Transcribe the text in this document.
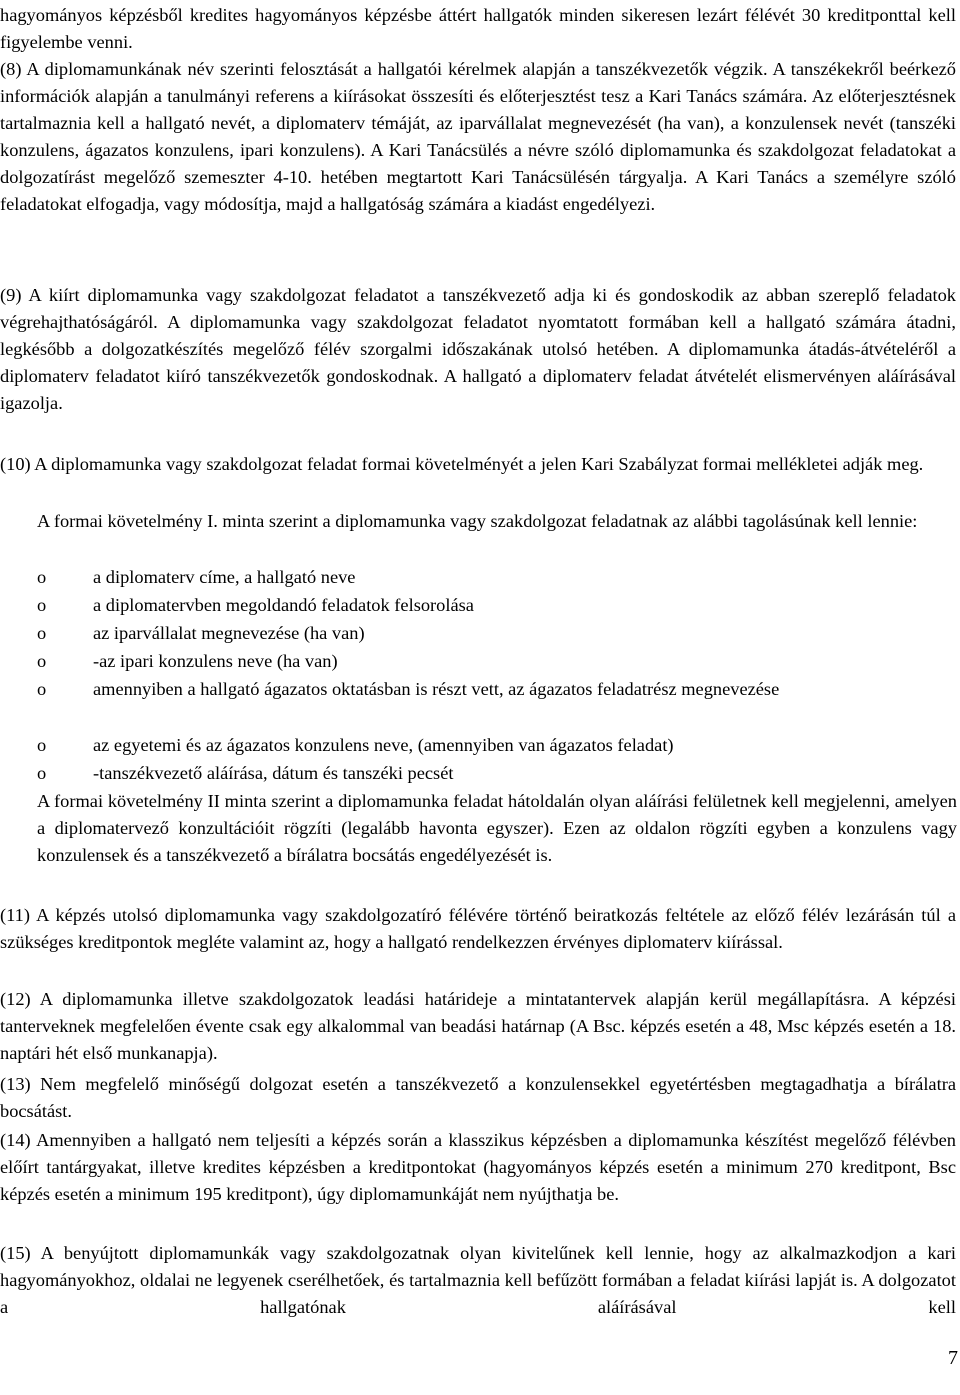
hagyományos képzésből kredites hagyományos képzésbe áttért hallgatók minden sikeresen lezárt félévét 30 kreditponttal kell figyelembe venni.
(8) A diplomamunkának név szerinti felosztását a hallgatói kérelmek alapján a tanszékvezetők végzik. A tanszékekről beérkező információk alapján a tanulmányi referens a kiírásokat összesíti és előterjesztést tesz a Kari Tanács számára. Az előterjesztésnek tartalmaznia kell a hallgató nevét, a diplomaterv témáját, az iparvállalat megnevezését (ha van), a konzulensek nevét (tanszéki konzulens, ágazatos konzulens, ipari konzulens). A Kari Tanácsülés a névre szóló diplomamunka és szakdolgozat feladatokat a dolgozatírást megelőző szemeszter 4-10. hetében megtartott Kari Tanácsülésén tárgyalja. A Kari Tanács a személyre szóló feladatokat elfogadja, vagy módosítja, majd a hallgatóság számára a kiadást engedélyezi.
(9) A kiírt diplomamunka vagy szakdolgozat feladatot a tanszékvezető adja ki és gondoskodik az abban szereplő feladatok végrehajthatóságáról. A diplomamunka vagy szakdolgozat feladatot nyomtatott formában kell a hallgató számára átadni, legkésőbb a dolgozatkészítés megelőző félév szorgalmi időszakának utolsó hetében. A diplomamunka átadás-átvételéről a diplomaterv feladatot kiíró tanszékvezetők gondoskodnak. A hallgató a diplomaterv feladat átvételét elismervényen aláírásával igazolja.
(10) A diplomamunka vagy szakdolgozat feladat formai követelményét a jelen Kari Szabályzat formai mellékletei adják meg.
A formai követelmény I. minta szerint a diplomamunka vagy szakdolgozat feladatnak az alábbi tagolásúnak kell lennie:
o	a diplomaterv címe, a hallgató neve
o	a diplomatervben megoldandó feladatok felsorolása
o	az iparvállalat megnevezése (ha van)
o	-az ipari konzulens neve (ha van)
o	amennyiben a hallgató ágazatos oktatásban is részt vett, az ágazatos feladatrész megnevezése
o	az egyetemi és az ágazatos konzulens neve, (amennyiben van ágazatos feladat)
o	-tanszékvezető aláírása, dátum és tanszéki pecsét
A formai követelmény II minta szerint a diplomamunka feladat hátoldalán olyan aláírási felületnek kell megjelenni, amelyen a diplomatervező konzultációit rögzíti (legalább havonta egyszer). Ezen az oldalon rögzíti egyben a konzulens vagy konzulensek és a tanszékvezető a bírálatra bocsátás engedélyezését is.
(11) A képzés utolsó diplomamunka vagy szakdolgozatíró félévére történő beiratkozás feltétele az előző félév lezárásán túl a szükséges kreditpontok megléte valamint az, hogy a hallgató rendelkezzen érvényes diplomaterv kiírással.
(12) A diplomamunka illetve szakdolgozatok leadási határideje a mintatantervek alapján kerül megállapításra. A képzési tanterveknek megfelelően évente csak egy alkalommal van beadási határnap (A Bsc. képzés esetén a 48, Msc képzés esetén a 18. naptári hét első munkanapja).
(13) Nem megfelelő minőségű dolgozat esetén a tanszékvezető a konzulensekkel egyetértésben megtagadhatja a bírálatra bocsátást.
(14) Amennyiben a hallgató nem teljesíti a képzés során a klasszikus képzésben a diplomamunka készítést megelőző félévben előírt tantárgyakat, illetve kredites képzésben a kreditpontokat (hagyományos képzés esetén a minimum 270 kreditpont, Bsc képzés esetén a minimum 195 kreditpont), úgy diplomamunkáját nem nyújthatja be.
(15) A benyújtott diplomamunkák vagy szakdolgozatnak olyan kivitelűnek kell lennie, hogy az alkalmazkodjon a kari hagyományokhoz, oldalai ne legyenek cserélhetőek, és tartalmaznia kell befűzött formában a feladat kiírási lapját is. A dolgozatot a hallgatónak aláírásával kell
7
